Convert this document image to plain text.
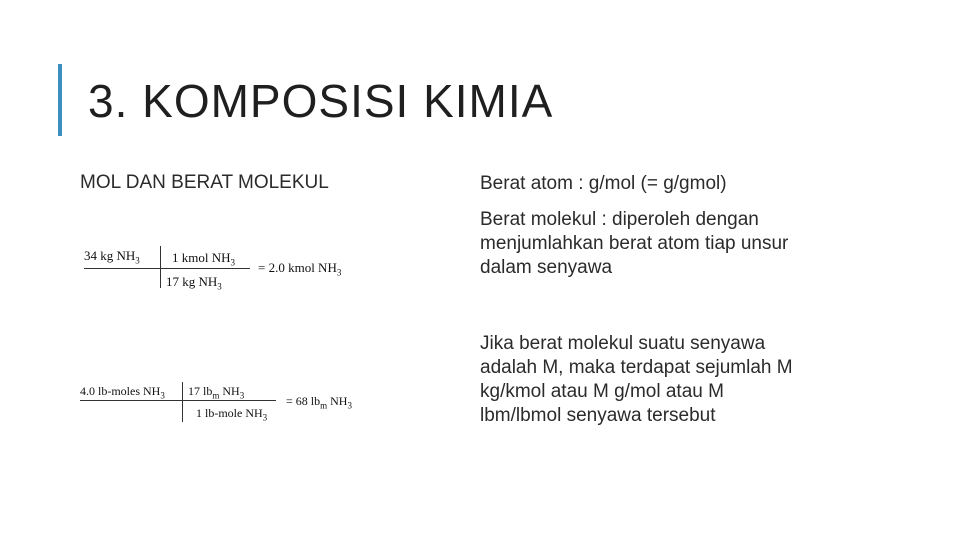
3. KOMPOSISI KIMIA
MOL DAN BERAT MOLEKUL
34 kg $NH_3$ 1 kmol $NH_3$
17 kg $NH_3$
= 2.0 kmol $NH_3$
4.0 lb-moles $NH_3$ 17 $lb_m$ $NH_3$
1 lb-mole $NH_3$
= 68 $lb_m$ $NH_3$

Berat atom : g/mol (= g/gmol)

Berat molekul : diperoleh dengan menjumlahkan berat atom tiap unsur dalam senyawa

Jika berat molekul suatu senyawa adalah M, maka terdapat sejumlah M kg/kmol atau M g/mol atau M lbm/lbmol senyawa tersebut
